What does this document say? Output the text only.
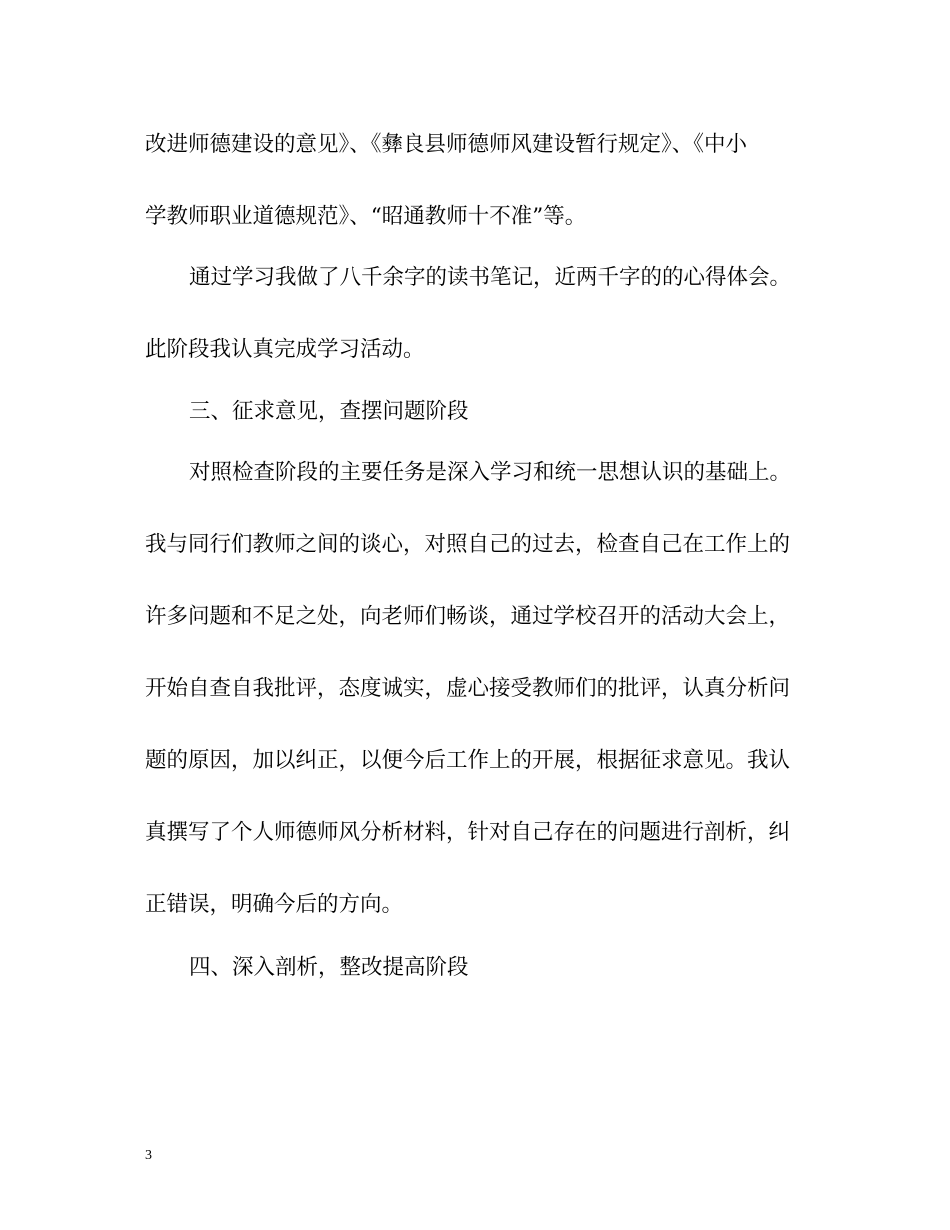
改进师德建设的意见》、《彝良县师德师风建设暂行规定》、《中小
学教师职业道德规范》、“昭通教师十不准”等。
通过学习我做了八千余字的读书笔记，近两千字的的心得体会。
此阶段我认真完成学习活动。
三、征求意见，查摆问题阶段
对照检查阶段的主要任务是深入学习和统一思想认识的基础上。
我与同行们教师之间的谈心，对照自己的过去，检查自己在工作上的
许多问题和不足之处，向老师们畅谈，通过学校召开的活动大会上，
开始自查自我批评，态度诚实，虚心接受教师们的批评，认真分析问
题的原因，加以纠正，以便今后工作上的开展，根据征求意见。我认
真撰写了个人师德师风分析材料，针对自己存在的问题进行剖析，纠
正错误，明确今后的方向。
四、深入剖析，整改提高阶段
3
